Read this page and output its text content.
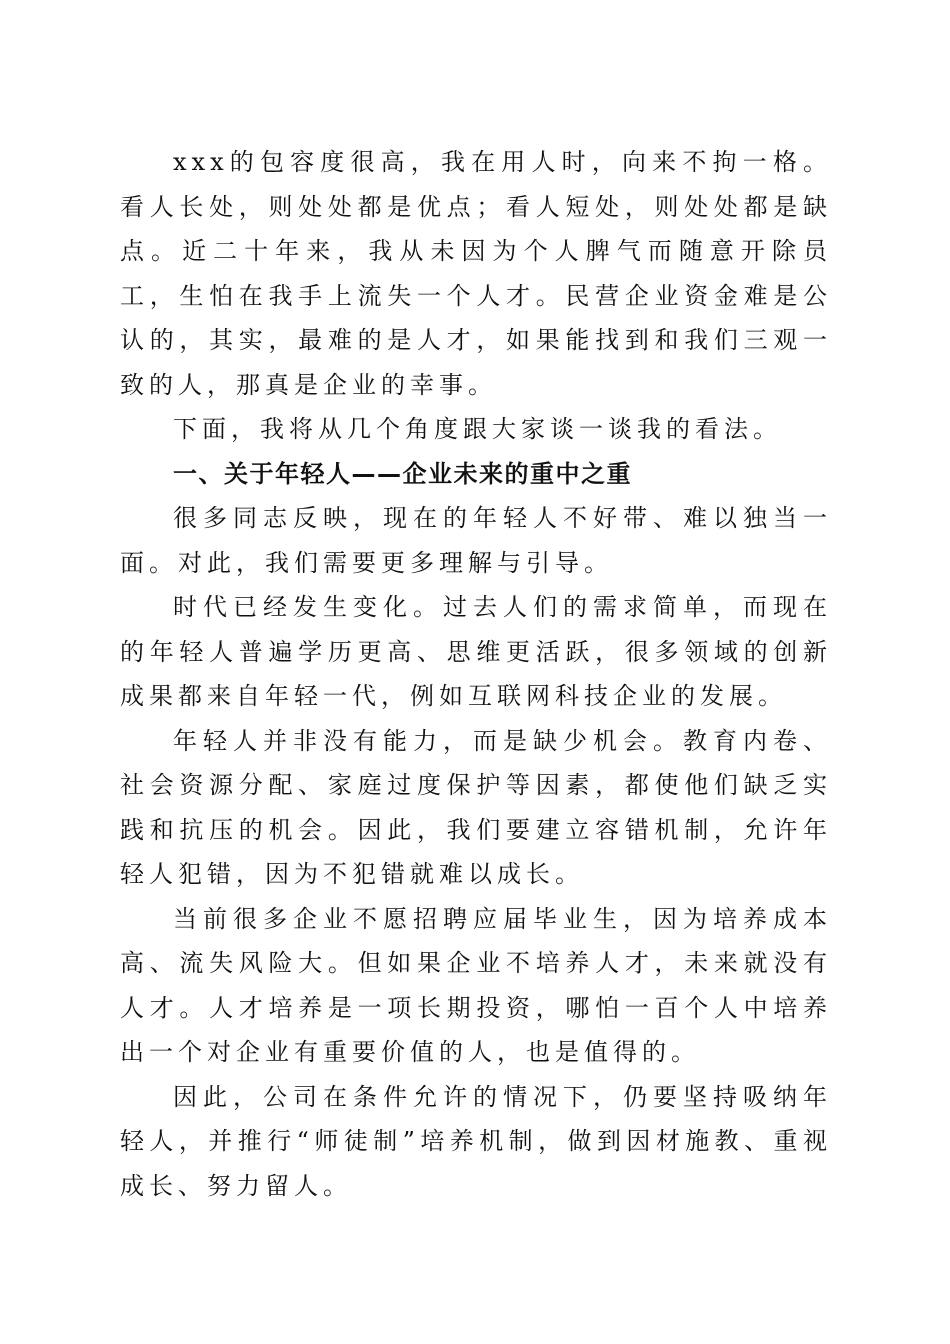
xxx的包容度很高，我在用人时，向来不拘一格。看人长处，则处处都是优点；看人短处，则处处都是缺点。近二十年来，我从未因为个人脾气而随意开除员工，生怕在我手上流失一个人才。民营企业资金难是公认的，其实，最难的是人才，如果能找到和我们三观一致的人，那真是企业的幸事。

下面，我将从几个角度跟大家谈一谈我的看法。

一、关于年轻人——企业未来的重中之重

很多同志反映，现在的年轻人不好带、难以独当一面。对此，我们需要更多理解与引导。

时代已经发生变化。过去人们的需求简单，而现在的年轻人普遍学历更高、思维更活跃，很多领域的创新成果都来自年轻一代，例如互联网科技企业的发展。

年轻人并非没有能力，而是缺少机会。教育内卷、社会资源分配、家庭过度保护等因素，都使他们缺乏实践和抗压的机会。因此，我们要建立容错机制，允许年轻人犯错，因为不犯错就难以成长。

当前很多企业不愿招聘应届毕业生，因为培养成本高、流失风险大。但如果企业不培养人才，未来就没有人才。人才培养是一项长期投资，哪怕一百个人中培养出一个对企业有重要价值的人，也是值得的。

因此，公司在条件允许的情况下，仍要坚持吸纳年轻人，并推行“师徒制”培养机制，做到因材施教、重视成长、努力留人。
